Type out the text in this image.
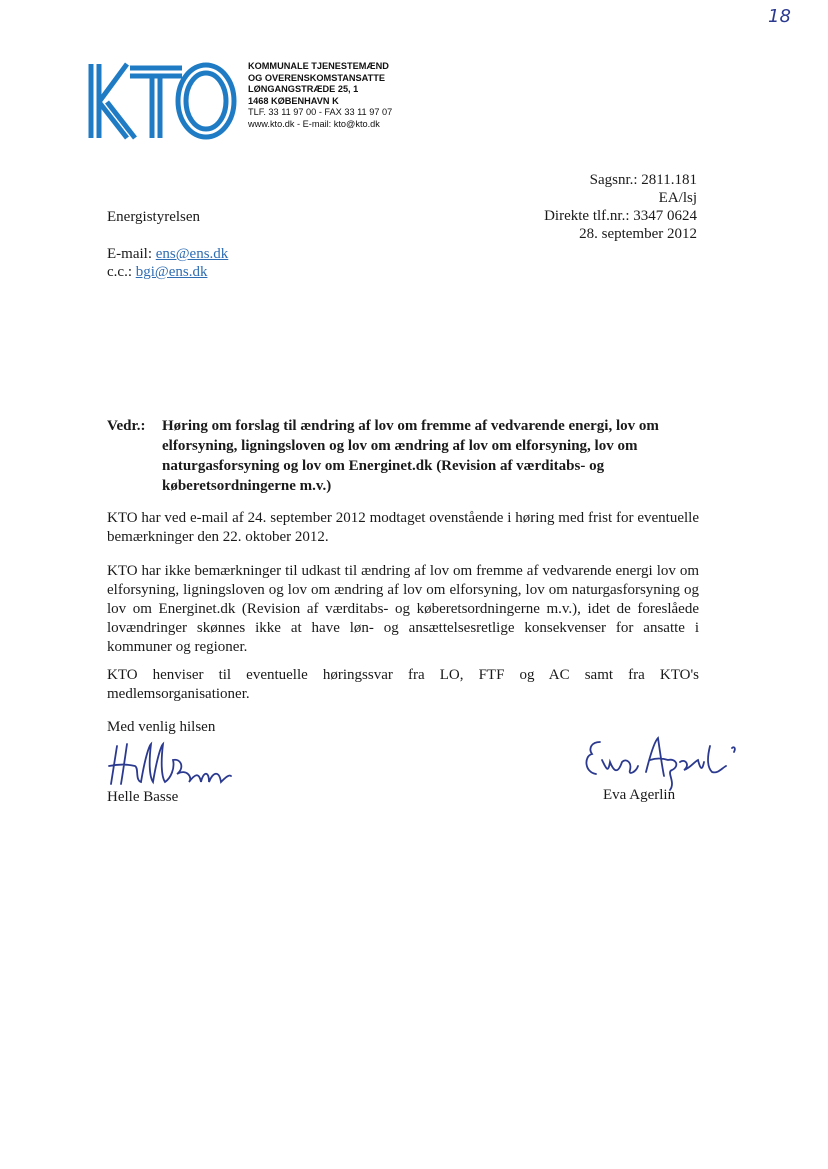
18
KOMMUNALE TJENESTEMÆND
OG OVERENSKOMSTANSATTE
LØNGANGSTRÆDE 25, 1
1468 KØBENHAVN K
TLF. 33 11 97 00 - FAX 33 11 97 07
www.kto.dk - E-mail: kto@kto.dk
Sagsnr.: 2811.181
EA/lsj
Direkte tlf.nr.: 3347 0624
28. september 2012
Energistyrelsen
E-mail: ens@ens.dk
c.c.: bgi@ens.dk
Vedr.: Høring om forslag til ændring af lov om fremme af vedvarende energi, lov om elforsyning, ligningsloven og lov om ændring af lov om elforsyning, lov om naturgasforsyning og lov om Energinet.dk (Revision af værditabs- og køberetsordningerne m.v.)
KTO har ved e-mail af 24. september 2012 modtaget ovenstående i høring med frist for eventuelle bemærkninger den 22. oktober 2012.
KTO har ikke bemærkninger til udkast til ændring af lov om fremme af vedvarende energi lov om elforsyning, ligningsloven og lov om ændring af lov om elforsyning, lov om naturgasforsyning og lov om Energinet.dk (Revision af værditabs- og køberetsordningerne m.v.), idet de foreslåede lovændringer skønnes ikke at have løn- og ansættelsesretlige konsekvenser for ansatte i kommuner og regioner.
KTO henviser til eventuelle høringssvar fra LO, FTF og AC samt fra KTO's medlemsorganisationer.
Med venlig hilsen
Helle Basse	Eva Agerlin
